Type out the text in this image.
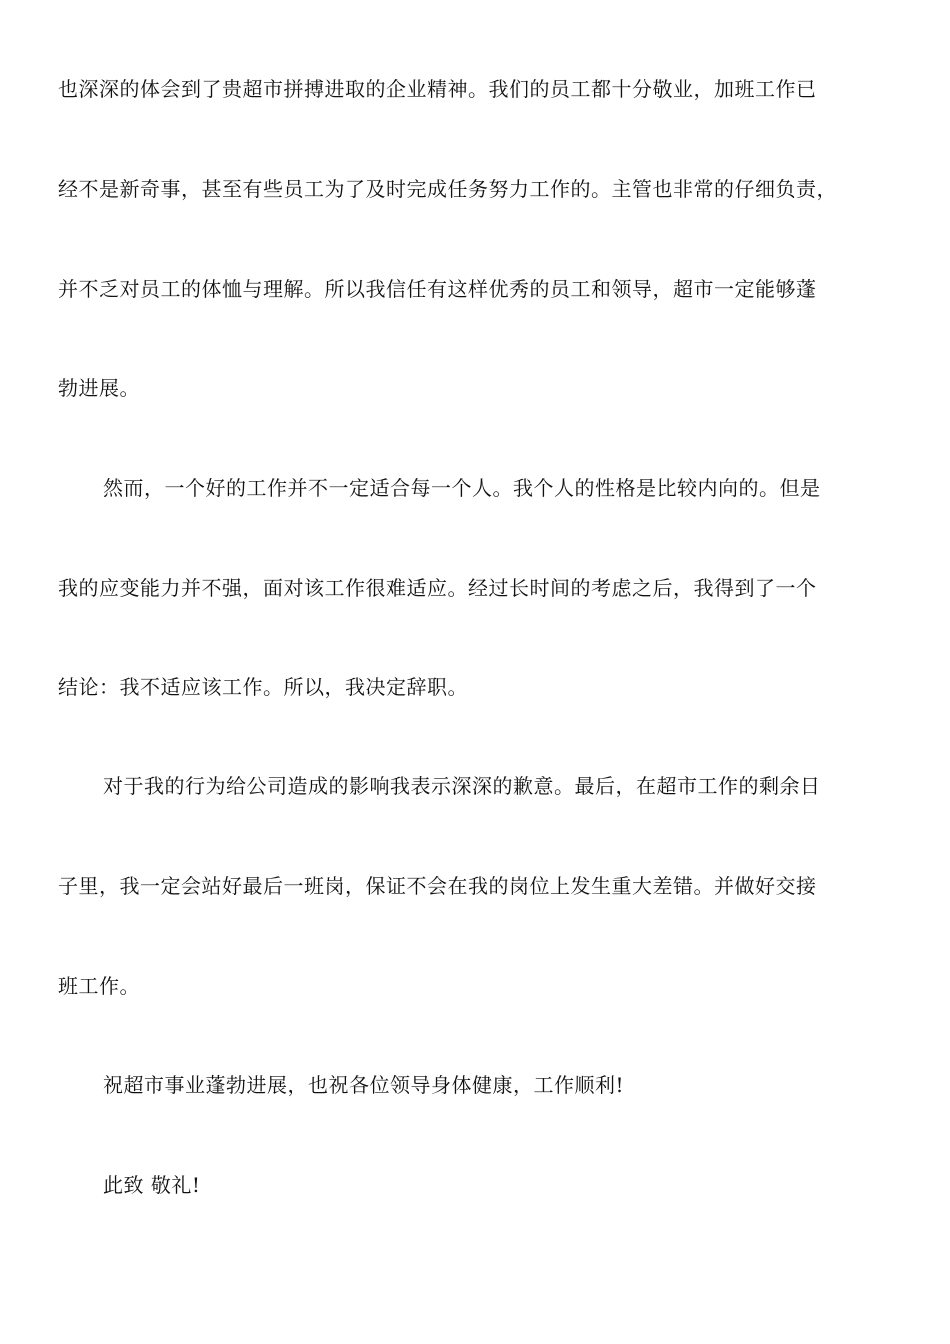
也深深的体会到了贵超市拼搏进取的企业精神。我们的员工都十分敬业，加班工作已
经不是新奇事，甚至有些员工为了及时完成任务努力工作的。主管也非常的仔细负责，
并不乏对员工的体恤与理解。所以我信任有这样优秀的员工和领导，超市一定能够蓬
勃进展。
然而，一个好的工作并不一定适合每一个人。我个人的性格是比较内向的。但是
我的应变能力并不强，面对该工作很难适应。经过长时间的考虑之后，我得到了一个
结论：我不适应该工作。所以，我决定辞职。
对于我的行为给公司造成的影响我表示深深的歉意。最后，在超市工作的剩余日
子里，我一定会站好最后一班岗，保证不会在我的岗位上发生重大差错。并做好交接
班工作。
祝超市事业蓬勃进展，也祝各位领导身体健康，工作顺利!
此致 敬礼!
